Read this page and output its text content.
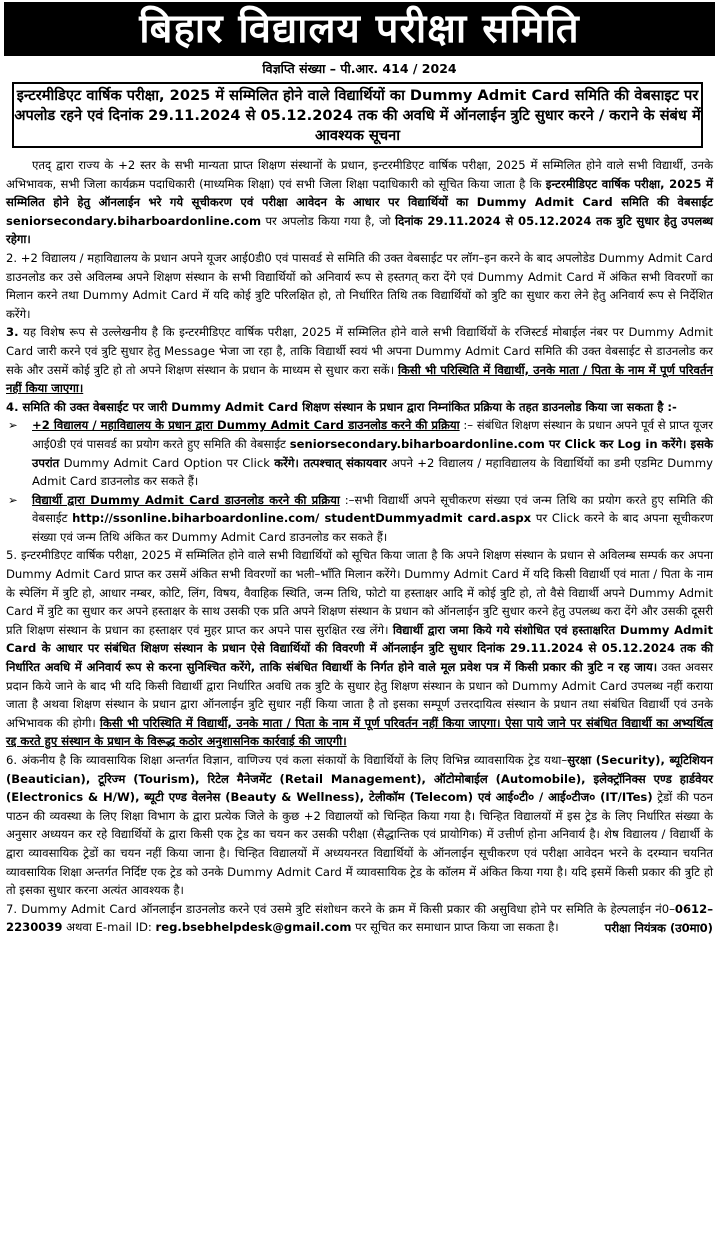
बिहार विद्यालय परीक्षा समिति
विज्ञप्ति संख्या – पी.आर. 414 / 2024
इन्टरमीडिएट वार्षिक परीक्षा, 2025 में सम्मिलित होने वाले विद्यार्थियों का Dummy Admit Card समिति की वेबसाइट पर अपलोड रहने एवं दिनांक 29.11.2024 से 05.12.2024 तक की अवधि में ऑनलाईन त्रुटि सुधार करने / कराने के संबंध में आवश्यक सूचना

एतद् द्वारा राज्य के +2 स्तर के सभी मान्यता प्राप्त शिक्षण संस्थानों के प्रधान, इन्टरमीडिएट वार्षिक परीक्षा, 2025 में सम्मिलित होने वाले सभी विद्यार्थी, उनके अभिभावक, सभी जिला कार्यक्रम पदाधिकारी (माध्यमिक शिक्षा) एवं सभी जिला शिक्षा पदाधिकारी को सूचित किया जाता है कि इन्टरमीडिएट वार्षिक परीक्षा, 2025 में सम्मिलित होने हेतु ऑनलाईन भरे गये सूचीकरण एवं परीक्षा आवेदन के आधार पर विद्यार्थियों का Dummy Admit Card समिति की वेबसाईट seniorsecondary.biharboardonline.com पर अपलोड किया गया है, जो दिनांक 29.11.2024 से 05.12.2024 तक त्रुटि सुधार हेतु उपलब्ध रहेगा।

2. +2 विद्यालय / महाविद्यालय के प्रधान अपने यूजर आई0डी0 एवं पासवर्ड से समिति की उक्त वेबसाईट पर लॉग–इन करने के बाद अपलोडेड Dummy Admit Card डाउनलोड कर उसे अविलम्ब अपने शिक्षण संस्थान के सभी विद्यार्थियों को अनिवार्य रूप से हस्तगत् करा देंगे एवं Dummy Admit Card में अंकित सभी विवरणों का मिलान करने तथा Dummy Admit Card में यदि कोई त्रुटि परिलक्षित हो, तो निर्धारित तिथि तक विद्यार्थियों को त्रुटि का सुधार करा लेने हेतु अनिवार्य रूप से निर्देशित करेंगे।

3. यह विशेष रूप से उल्लेखनीय है कि इन्टरमीडिएट वार्षिक परीक्षा, 2025 में सम्मिलित होने वाले सभी विद्यार्थियों के रजिस्टर्ड मोबाईल नंबर पर Dummy Admit Card जारी करने एवं त्रुटि सुधार हेतु Message भेजा जा रहा है, ताकि विद्यार्थी स्वयं भी अपना Dummy Admit Card समिति की उक्त वेबसाईट से डाउनलोड कर सके और उसमें कोई त्रुटि हो तो अपने शिक्षण संस्थान के प्रधान के माध्यम से सुधार करा सकें। किसी भी परिस्थिति में विद्यार्थी, उनके माता / पिता के नाम में पूर्ण परिवर्तन नहीं किया जाएगा।

4. समिति की उक्त वेबसाईट पर जारी Dummy Admit Card शिक्षण संस्थान के प्रधान द्वारा निम्नांकित प्रक्रिया के तहत डाउनलोड किया जा सकता है :-

➢ +2 विद्यालय / महाविद्यालय के प्रधान द्वारा Dummy Admit Card डाउनलोड करने की प्रक्रिया :– संबंधित शिक्षण संस्थान के प्रधान अपने पूर्व से प्राप्त यूजर आई0डी एवं पासवर्ड का प्रयोग करते हुए समिति की वेबसाईट seniorsecondary.biharboardonline.com पर Click कर Log in करेंगे। इसके उपरांत Dummy Admit Card Option पर Click करेंगे। तत्पश्चात् संकायवार अपने +2 विद्यालय / महाविद्यालय के विद्यार्थियों का डमी एडमिट Dummy Admit Card डाउनलोड कर सकते हैं।

➢ विद्यार्थी द्वारा Dummy Admit Card डाउनलोड करने की प्रक्रिया :–सभी विद्यार्थी अपने सूचीकरण संख्या एवं जन्म तिथि का प्रयोग करते हुए समिति की वेबसाईट http://ssonline.biharboardonline.com/ studentDummyadmit card.aspx पर Click करने के बाद अपना सूचीकरण संख्या एवं जन्म तिथि अंकित कर Dummy Admit Card डाउनलोड कर सकते हैं।

5. इन्टरमीडिएट वार्षिक परीक्षा, 2025 में सम्मिलित होने वाले सभी विद्यार्थियों को सूचित किया जाता है कि अपने शिक्षण संस्थान के प्रधान से अविलम्ब सम्पर्क कर अपना Dummy Admit Card प्राप्त कर उसमें अंकित सभी विवरणों का भली–भाँति मिलान करेंगे। Dummy Admit Card में यदि किसी विद्यार्थी एवं माता / पिता के नाम के स्पेलिंग में त्रुटि हो, आधार नम्बर, कोटि, लिंग, विषय, वैवाहिक स्थिति, जन्म तिथि, फोटो या हस्ताक्षर आदि में कोई त्रुटि हो, तो वैसे विद्यार्थी अपने Dummy Admit Card में त्रुटि का सुधार कर अपने हस्ताक्षर के साथ उसकी एक प्रति अपने शिक्षण संस्थान के प्रधान को ऑनलाईन त्रुटि सुधार करने हेतु उपलब्ध करा देंगे और उसकी दूसरी प्रति शिक्षण संस्थान के प्रधान का हस्ताक्षर एवं मुहर प्राप्त कर अपने पास सुरक्षित रख लेंगे। विद्यार्थी द्वारा जमा किये गये संशोधित एवं हस्ताक्षरित Dummy Admit Card के आधार पर संबंधित शिक्षण संस्थान के प्रधान ऐसे विद्यार्थियों की विवरणी में ऑनलाईन त्रुटि सुधार दिनांक 29.11.2024 से 05.12.2024 तक की निर्धारित अवधि में अनिवार्य रूप से करना सुनिश्चित करेंगे, ताकि संबंधित विद्यार्थी के निर्गत होने वाले मूल प्रवेश पत्र में किसी प्रकार की त्रुटि न रह जाय। उक्त अवसर प्रदान किये जाने के बाद भी यदि किसी विद्यार्थी द्वारा निर्धारित अवधि तक त्रुटि के सुधार हेतु शिक्षण संस्थान के प्रधान को Dummy Admit Card उपलब्ध नहीं कराया जाता है अथवा शिक्षण संस्थान के प्रधान द्वारा ऑनलाईन त्रुटि सुधार नहीं किया जाता है तो इसका सम्पूर्ण उत्तरदायित्व संस्थान के प्रधान तथा संबंधित विद्यार्थी एवं उनके अभिभावक की होगी। किसी भी परिस्थिति में विद्यार्थी, उनके माता / पिता के नाम में पूर्ण परिवर्तन नहीं किया जाएगा। ऐसा पाये जाने पर संबंधित विद्यार्थी का अभ्यर्थित्व रद्द करते हुए संस्थान के प्रधान के विरूद्ध कठोर अनुशासनिक कार्रवाई की जाएगी।

6. अंकनीय है कि व्यावसायिक शिक्षा अन्तर्गत विज्ञान, वाणिज्य एवं कला संकायों के विद्यार्थियों के लिए विभिन्न व्यावसायिक ट्रेड यथा–सुरक्षा (Security), ब्यूटिशियन (Beautician), टूरिज्म (Tourism), रिटेल मैनेजमेंट (Retail Management), ऑटोमोबाईल (Automobile), इलेक्ट्रॉनिक्स एण्ड हार्डवेयर (Electronics & H/W), ब्यूटी एण्ड वेलनेस (Beauty & Wellness), टेलीकॉम (Telecom) एवं आई०टी० / आई०टीज० (IT/ITes) ट्रेडों की पठन पाठन की व्यवस्था के लिए शिक्षा विभाग के द्वारा प्रत्येक जिले के कुछ +2 विद्यालयों को चिन्हित किया गया है। चिन्हित विद्यालयों में इस ट्रेड के लिए निर्धारित संख्या के अनुसार अध्ययन कर रहे विद्यार्थियों के द्वारा किसी एक ट्रेड का चयन कर उसकी परीक्षा (सैद्धान्तिक एवं प्रायोगिक) में उत्तीर्ण होना अनिवार्य है। शेष विद्यालय / विद्यार्थी के द्वारा व्यावसायिक ट्रेडों का चयन नहीं किया जाना है। चिन्हित विद्यालयों में अध्ययनरत विद्यार्थियों के ऑनलाईन सूचीकरण एवं परीक्षा आवेदन भरने के दरम्यान चयनित व्यावसायिक शिक्षा अन्तर्गत निर्दिष्ट एक ट्रेड को उनके Dummy Admit Card में व्यावसायिक ट्रेड के कॉलम में अंकित किया गया है। यदि इसमें किसी प्रकार की त्रुटि हो तो इसका सुधार करना अत्यंत आवश्यक है।

7. Dummy Admit Card ऑनलाईन डाउनलोड करने एवं उसमे त्रुटि संशोधन करने के क्रम में किसी प्रकार की असुविधा होने पर समिति के हेल्पलाईन नं0–0612–2230039 अथवा E-mail ID: reg.bsebhelpdesk@gmail.com पर सूचित कर समाधान प्राप्त किया जा सकता है।	परीक्षा नियंत्रक (उ0मा0)
